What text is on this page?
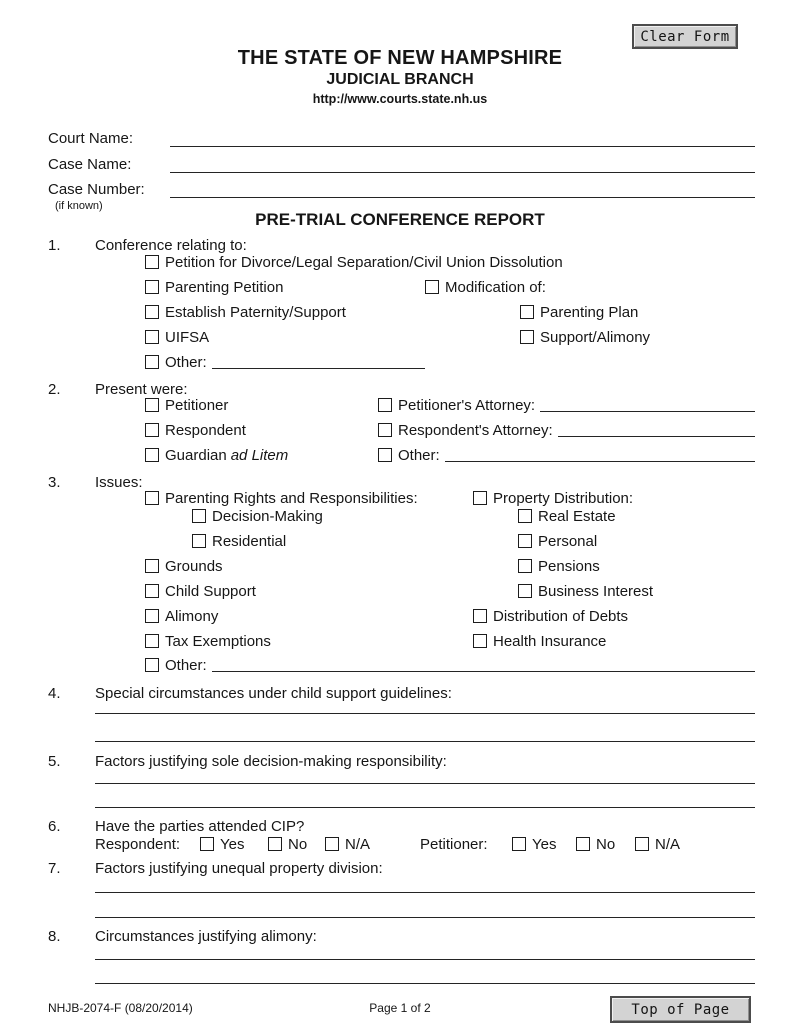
Clear Form
THE STATE OF NEW HAMPSHIRE
JUDICIAL BRANCH
http://www.courts.state.nh.us
Court Name:
Case Name:
Case Number:
(if known)
PRE-TRIAL CONFERENCE REPORT
1. Conference relating to:
Petition for Divorce/Legal Separation/Civil Union Dissolution
Parenting Petition	Modification of:
Establish Paternity/Support	Parenting Plan
UIFSA	Support/Alimony
Other:
2. Present were:
Petitioner	Petitioner's Attorney:
Respondent	Respondent's Attorney:
Guardian ad Litem	Other:
3. Issues:
Parenting Rights and Responsibilities:	Property Distribution:
Decision-Making	Real Estate
Residential	Personal
Grounds	Pensions
Child Support	Business Interest
Alimony	Distribution of Debts
Tax Exemptions	Health Insurance
Other:
4. Special circumstances under child support guidelines:
5. Factors justifying sole decision-making responsibility:
6. Have the parties attended CIP?
Respondent:	Yes	No	N/A	Petitioner:	Yes	No	N/A
7. Factors justifying unequal property division:
8. Circumstances justifying alimony:
NHJB-2074-F (08/20/2014)	Page 1 of 2	Top of Page
